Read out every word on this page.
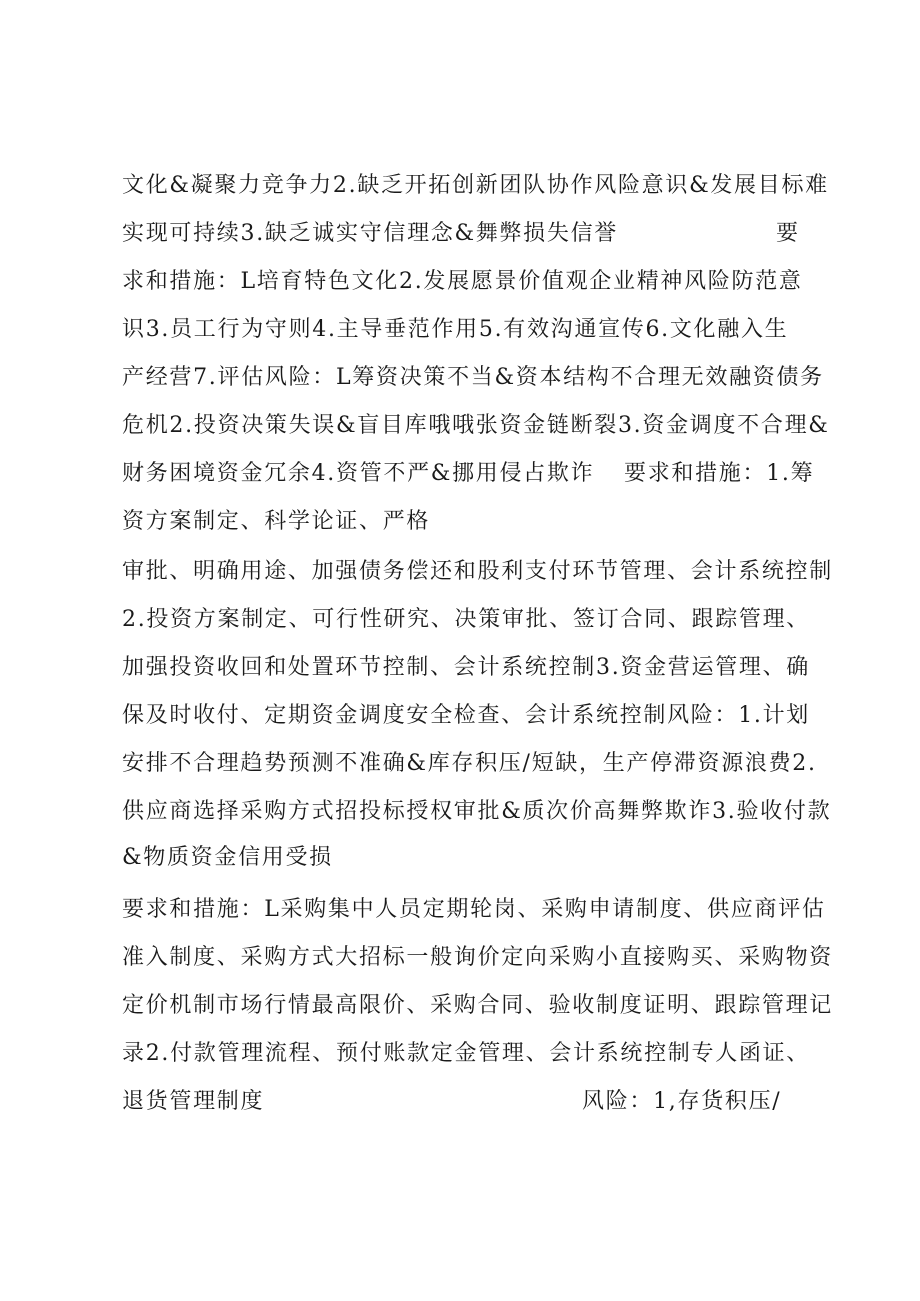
文化&凝聚力竞争力2.缺乏开拓创新团队协作风险意识&发展目标难
实现可持续3.缺乏诚实守信理念&舞弊损失信誉	要
求和措施：L培育特色文化2.发展愿景价值观企业精神风险防范意
识3.员工行为守则4.主导垂范作用5.有效沟通宣传6.文化融入生
产经营7.评估风险：L筹资决策不当&资本结构不合理无效融资债务
危机2.投资决策失误&盲目库哦哦张资金链断裂3.资金调度不合理&
财务困境资金冗余4.资管不严&挪用侵占欺诈 要求和措施：1.筹
资方案制定、科学论证、严格
审批、明确用途、加强债务偿还和股利支付环节管理、会计系统控制
2.投资方案制定、可行性研究、决策审批、签订合同、跟踪管理、
加强投资收回和处置环节控制、会计系统控制3.资金营运管理、确
保及时收付、定期资金调度安全检查、会计系统控制风险：1.计划
安排不合理趋势预测不准确&库存积压/短缺，生产停滞资源浪费2.
供应商选择采购方式招投标授权审批&质次价高舞弊欺诈3.验收付款
&物质资金信用受损
要求和措施：L采购集中人员定期轮岗、采购申请制度、供应商评估
准入制度、采购方式大招标一般询价定向采购小直接购买、采购物资
定价机制市场行情最高限价、采购合同、验收制度证明、跟踪管理记
录2.付款管理流程、预付账款定金管理、会计系统控制专人函证、
退货管理制度	风险：1,存货积压/
